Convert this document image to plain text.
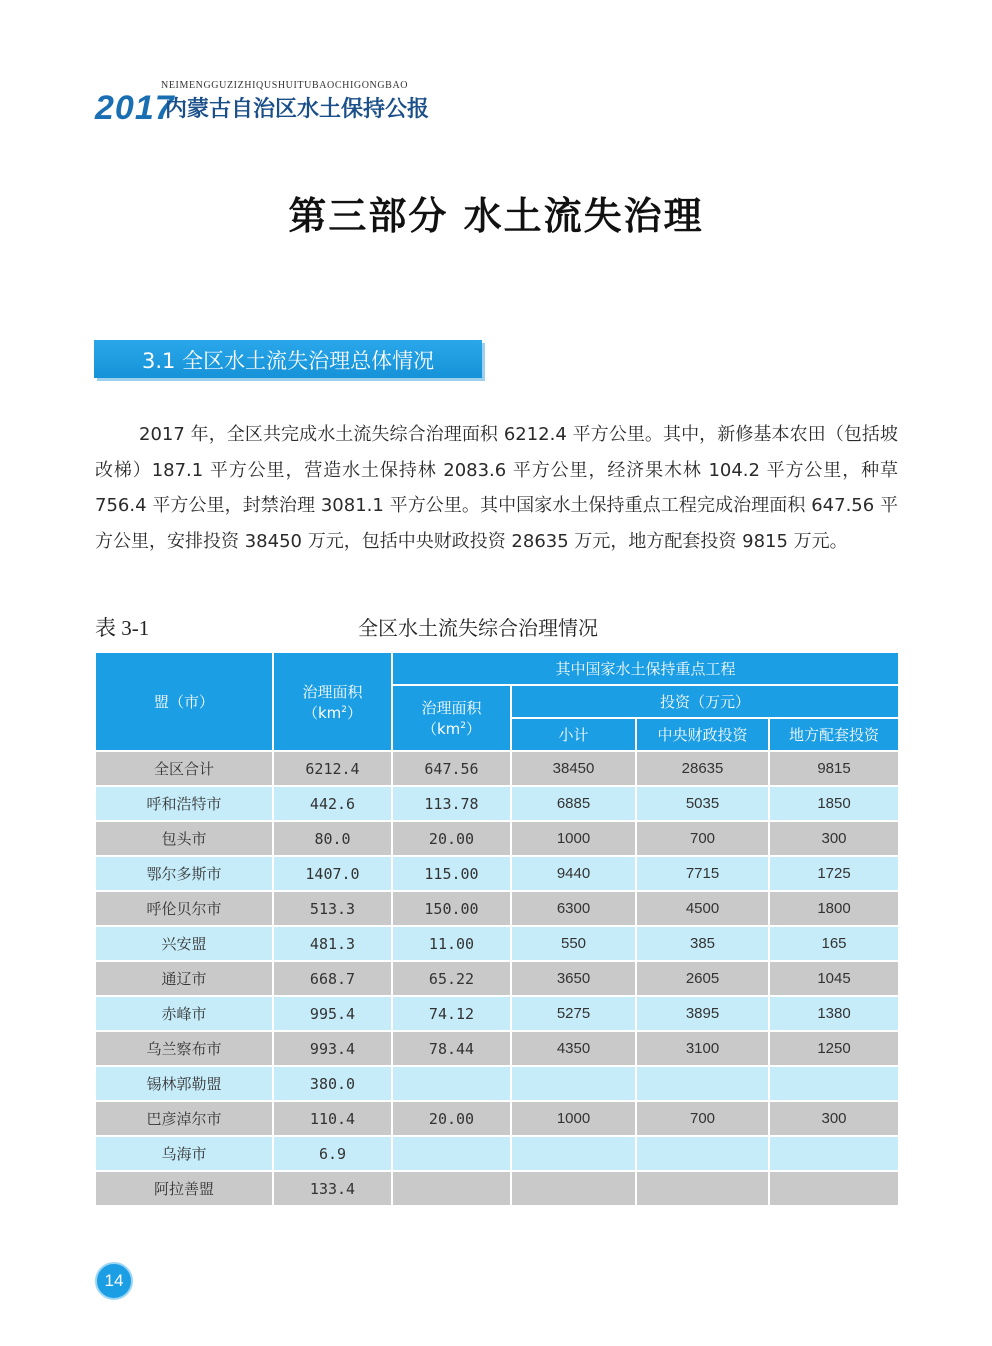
NEIMENGGUZIZHIQUSHUITUBAOCHIGONGBAO
2017
内蒙古自治区水土保持公报
第三部分 水土流失治理
3.1 全区水土流失治理总体情况
2017 年，全区共完成水土流失综合治理面积 6212.4 平方公里。其中，新修基本农田（包括坡改梯）187.1 平方公里，营造水土保持林 2083.6 平方公里，经济果木林 104.2 平方公里，种草 756.4 平方公里，封禁治理 3081.1 平方公里。其中国家水土保持重点工程完成治理面积 647.56 平方公里，安排投资 38450 万元，包括中央财政投资 28635 万元，地方配套投资 9815 万元。
表 3-1	全区水土流失综合治理情况
盟（市）	治理面积
$(km^2)$	其中国家水土保持重点工程			

		治理面积
$(km^2)$	投资（万元）		
			小计	中央财政投资	地方配套投资
全区合计	6212.4	647.56	38450	28635	9815
呼和浩特市	442.6	113.78	6885	5035	1850
包头市	80.0	20.00	1000	700	300
鄂尔多斯市	1407.0	115.00	9440	7715	1725
呼伦贝尔市	513.3	150.00	6300	4500	1800
兴安盟	481.3	11.00	550	385	165
通辽市	668.7	65.22	3650	2605	1045
赤峰市	995.4	74.12	5275	3895	1380
乌兰察布市	993.4	78.44	4350	3100	1250
锡林郭勒盟	380.0				
巴彦淖尔市	110.4	20.00	1000	700	300
乌海市	6.9				
阿拉善盟	133.4				
14
